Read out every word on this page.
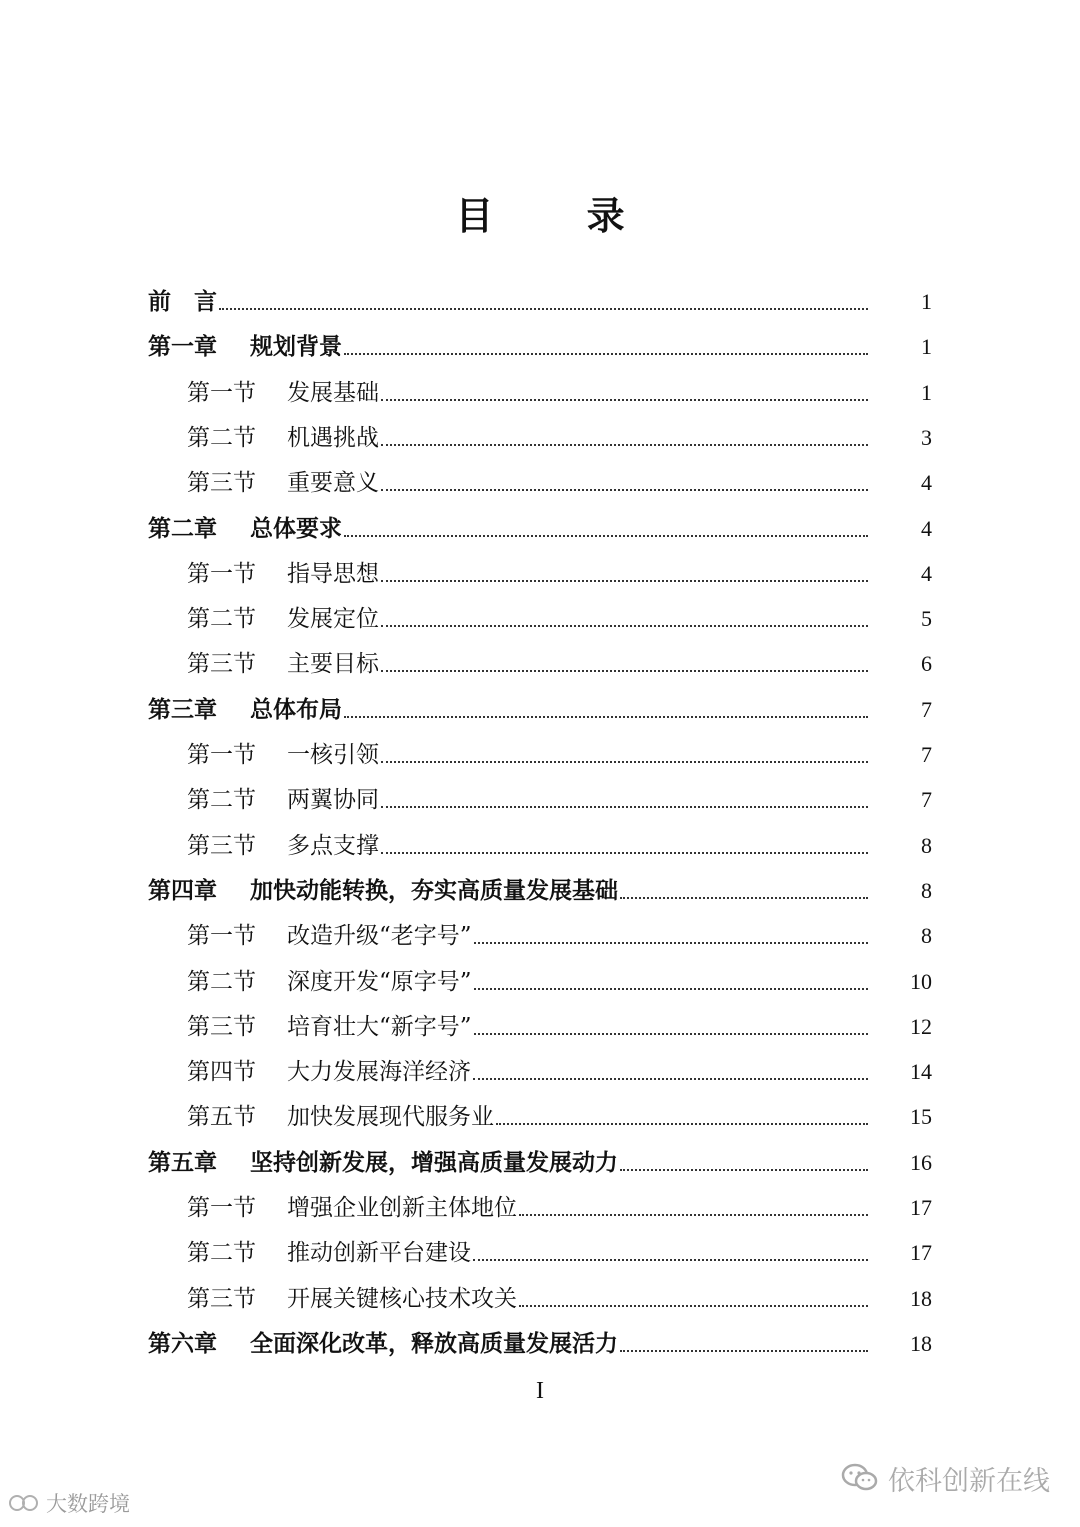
目 录
前　言	1
第一章 规划背景	1
第一节 发展基础	1
第二节 机遇挑战	3
第三节 重要意义	4
第二章 总体要求	4
第一节 指导思想	4
第二节 发展定位	5
第三节 主要目标	6
第三章 总体布局	7
第一节 一核引领	7
第二节 两翼协同	7
第三节 多点支撑	8
第四章 加快动能转换，夯实高质量发展基础	8
第一节 改造升级“老字号”	8
第二节 深度开发“原字号”	10
第三节 培育壮大“新字号”	12
第四节 大力发展海洋经济	14
第五节 加快发展现代服务业	15
第五章 坚持创新发展，增强高质量发展动力	16
第一节 增强企业创新主体地位	17
第二节 推动创新平台建设	17
第三节 开展关键核心技术攻关	18
第六章 全面深化改革，释放高质量发展活力	18
I
大数跨境
依科创新在线
